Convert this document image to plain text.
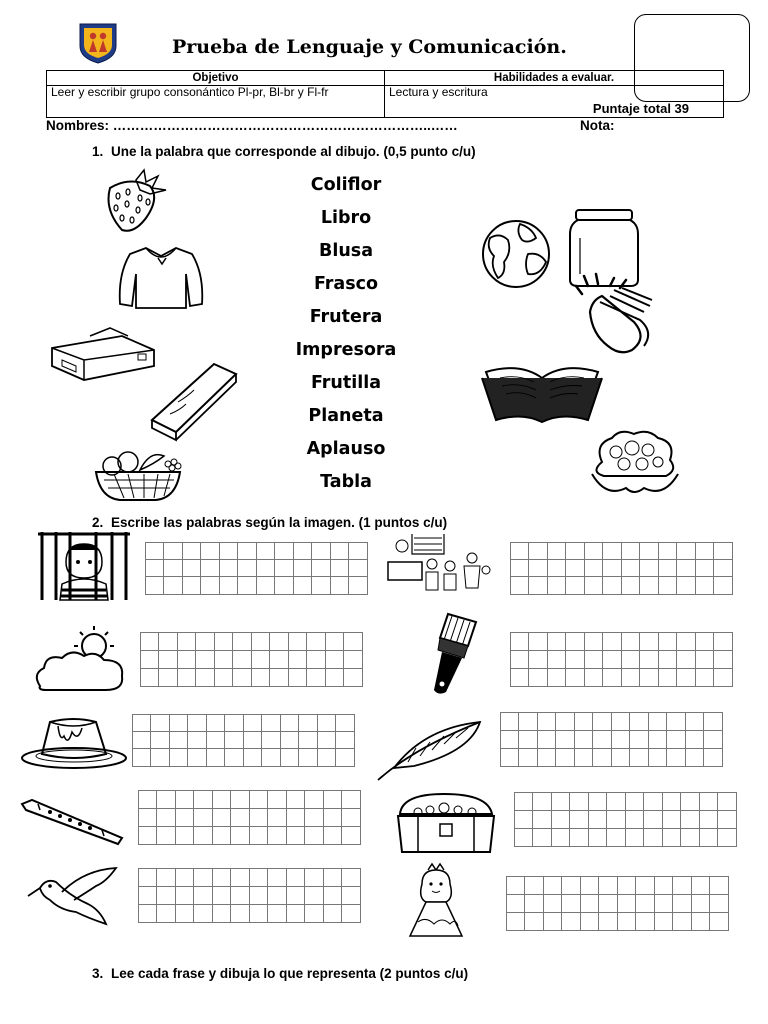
Prueba de Lenguaje y Comunicación.
Objetivo
Leer y escribir grupo consonántico Pl-pr, Bl-br y Fl-fr
Habilidades a evaluar.
Lectura y escritura
Puntaje total 39
Nombres: ……………………………………………………………..……	Nota:
1. Une la palabra que corresponde al dibujo. (0,5 punto c/u)
Coliflor
Libro
Blusa
Frasco
Frutera
Impresora
Frutilla
Planeta
Aplauso
Tabla
2. Escribe las palabras según la imagen. (1 puntos c/u)
3. Lee cada frase y dibuja lo que representa (2 puntos c/u)
